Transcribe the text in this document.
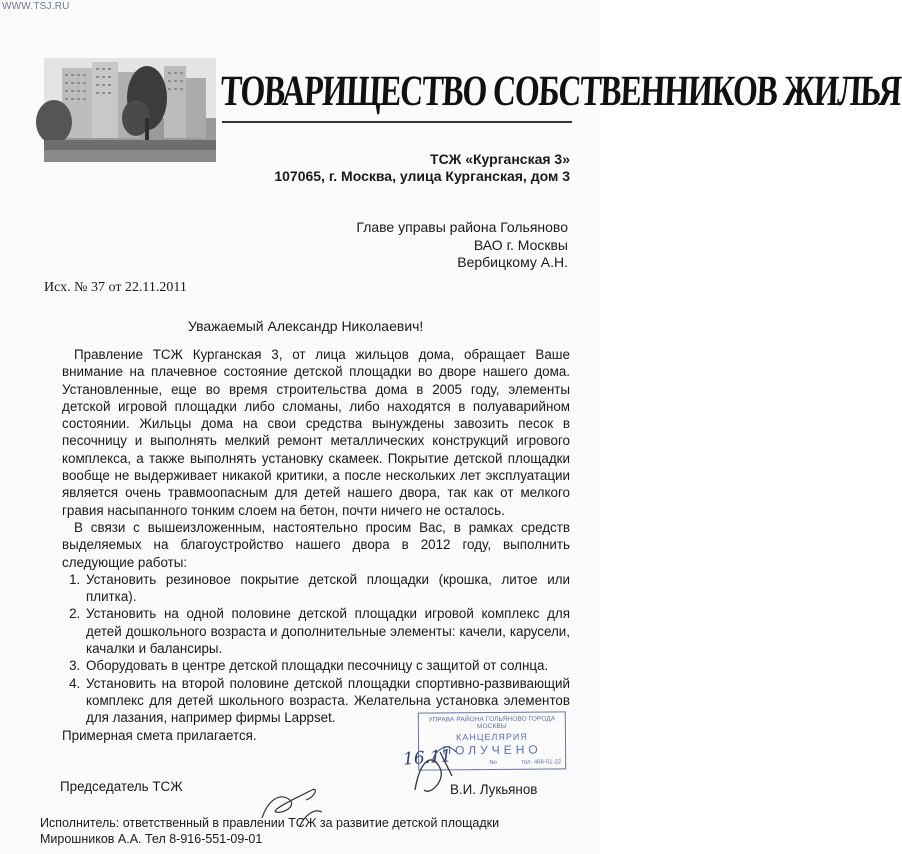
WWW.TSJ.RU
ТОВАРИЩЕСТВО СОБСТВЕННИКОВ ЖИЛЬЯ
ТСЖ «Курганская 3»
107065, г. Москва, улица Курганская, дом 3
Главе управы района Гольяново
ВАО г. Москвы
Вербицкому А.Н.
Исх. № 37 от 22.11.2011
Уважаемый Александр Николаевич!

Правление ТСЖ Курганская 3, от лица жильцов дома, обращает Ваше внимание на плачевное состояние детской площадки во дворе нашего дома. Установленные, еще во время строительства дома в 2005 году, элементы детской игровой площадки либо сломаны, либо находятся в полуаварийном состоянии. Жильцы дома на свои средства вынуждены завозить песок в песочницу и выполнять мелкий ремонт металлических конструкций игрового комплекса, а также выполнять установку скамеек. Покрытие детской площадки вообще не выдерживает никакой критики, а после нескольких лет эксплуатации является очень травмоопасным для детей нашего двора, так как от мелкого гравия насыпанного тонким слоем на бетон, почти ничего не осталось.

В связи с вышеизложенным, настоятельно просим Вас, в рамках средств выделяемых на благоустройство нашего двора в 2012 году, выполнить следующие работы:

1. Установить резиновое покрытие детской площадки (крошка, литое или плитка).
2. Установить на одной половине детской площадки игровой комплекс для детей дошкольного возраста и дополнительные элементы: качели, карусели, качалки и балансиры.
3. Оборудовать в центре детской площадки песочницу с защитой от солнца.
4. Установить на второй половине детской площадки спортивно-развивающий комплекс для детей школьного возраста. Желательна установка элементов для лазания, например фирмы Lappset.

Примерная смета прилагается.

УПРАВА РАЙОНА ГОЛЬЯНОВО ГОРОДА МОСКВЫ
КАНЦЕЛЯРИЯ
ПОЛУЧЕНО
No	тел. 466-51-22
16.11
Председатель ТСЖ	В.И. Лукьянов
Исполнитель: ответственный в правлении ТСЖ за развитие детской площадки
Мирошников А.А. Тел 8-916-551-09-01
